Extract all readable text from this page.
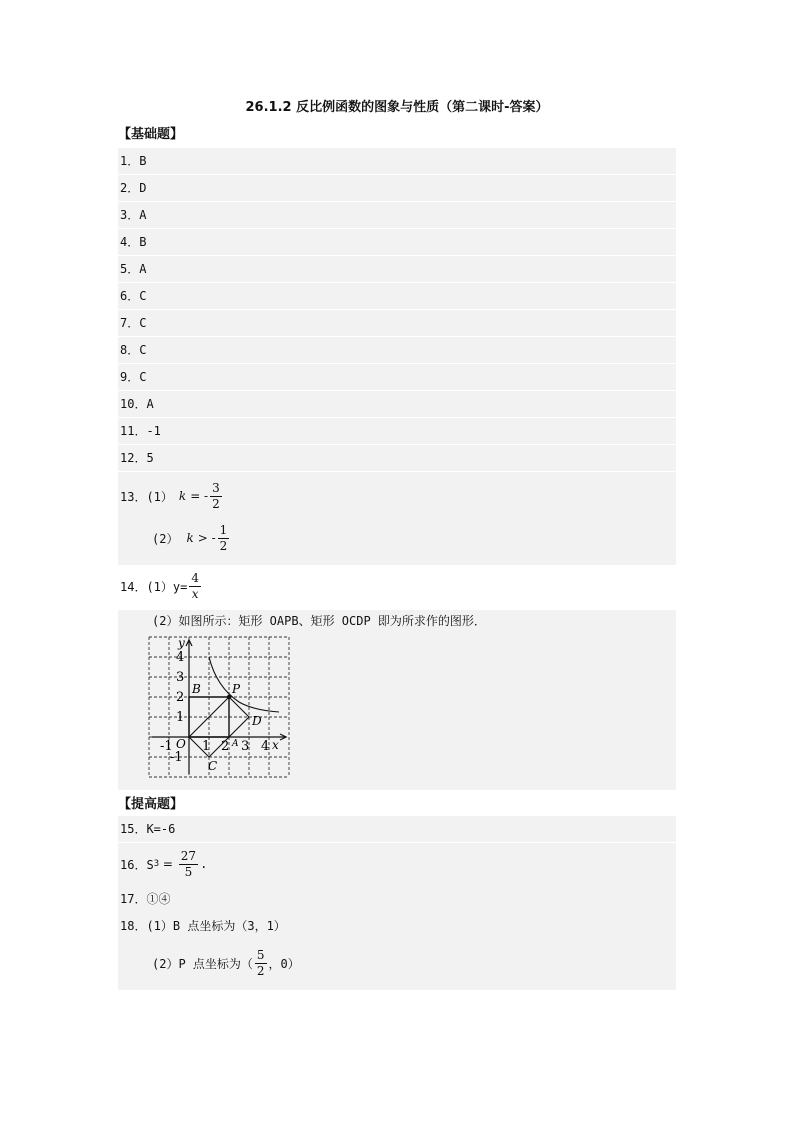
26.1.2 反比例函数的图象与性质（第二课时-答案）
【基础题】
1．B
2．D
3．A
4．B
5．A
6．C
7．C
8．C
9．C
10．A
11．-1
12．5
13．(1） k = - $\frac{3}{2}$
(2） k > - $\frac{1}{2}$
14．$(1)y= \frac{4}{x}$
(2）如图所示：矩形 OAPB、矩形 OCDP 即为所求作的图形．
y
x
4
3
2
1
-1
-1 1 2 3 4
O
B	P
D
C
A
【提高题】
15．K=-6
16．S $3 = \frac{27}{5}$ .
17．①④
18．(1）B 点坐标为（3，1）
(2）P 点坐标为（ $\frac{5}{2}$ ，0）
